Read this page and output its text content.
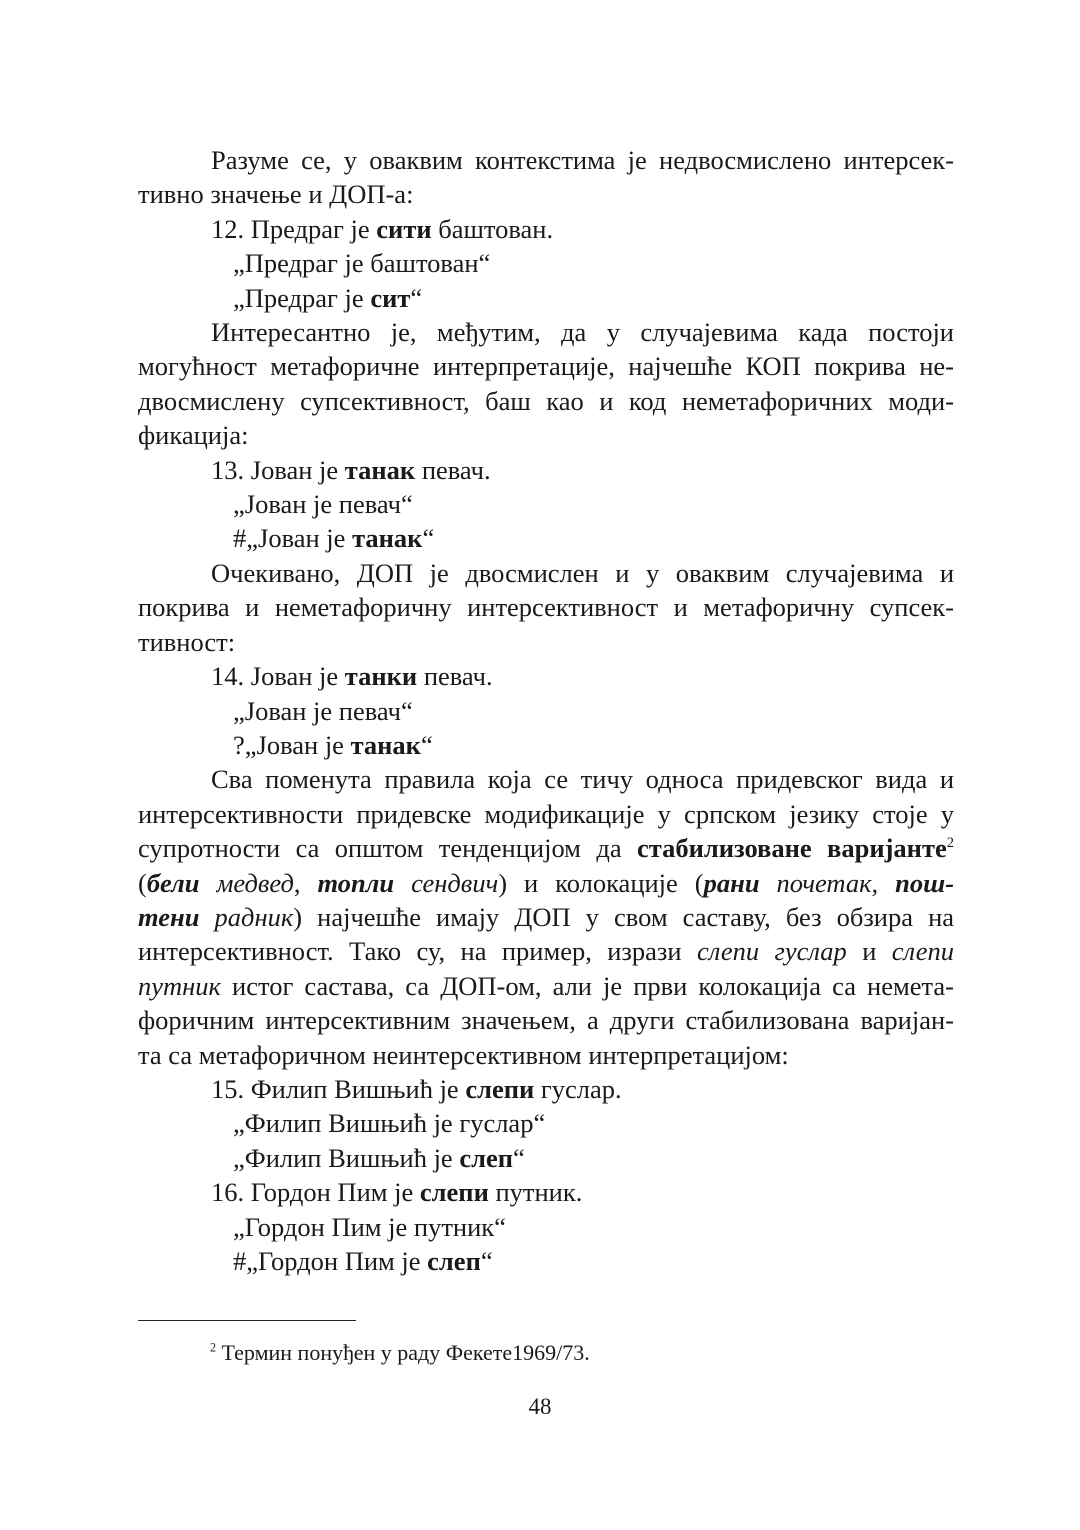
Разуме се, у оваквим контекстима је недвосмислено интерсек-

тивно значење и ДОП-а:

12. Предраг је сити баштован.

„Предраг је баштован“

„Предраг је сит“

Интересантно је, међутим, да у случајевима када постоји

могућност метафоричне интерпретације, најчешће КОП покрива не-

двосмислену супсективност, баш као и код неметафоричних моди-

фикација:

13. Јован је танак певач.

„Јован је певач“

#„Јован је танак“

Очекивано, ДОП је двосмислен и у оваквим случајевима и

покрива и неметафоричну интерсективност и метафоричну супсек-

тивност:

14. Јован је танки певач.

„Јован је певач“

?„Јован је танак“

Сва поменута правила која се тичу односа придевског вида и

интерсективности придевске модификације у српском језику стоје у

супротности са општом тенденцијом да стабилизоване варијанте$^2$

(бели медвед, топли сендвич) и колокације (рани почетак, пош-

тени радник) најчешће имају ДОП у свом саставу, без обзира на

интерсективност. Тако су, на пример, изрази слепи гуслар и слепи

путник истог састава, са ДОП-ом, али је први колокација са немета-

форичним интерсективним значењем, а други стабилизована варијан-

та са метафоричном неинтерсективном интерпретацијом:

15. Филип Вишњић је слепи гуслар.

„Филип Вишњић је гуслар“

„Филип Вишњић је слеп“

16. Гордон Пим је слепи путник.

„Гордон Пим је путник“

#„Гордон Пим је слеп“

$^2$ Термин понуђен у раду Фекете1969/73.
48
